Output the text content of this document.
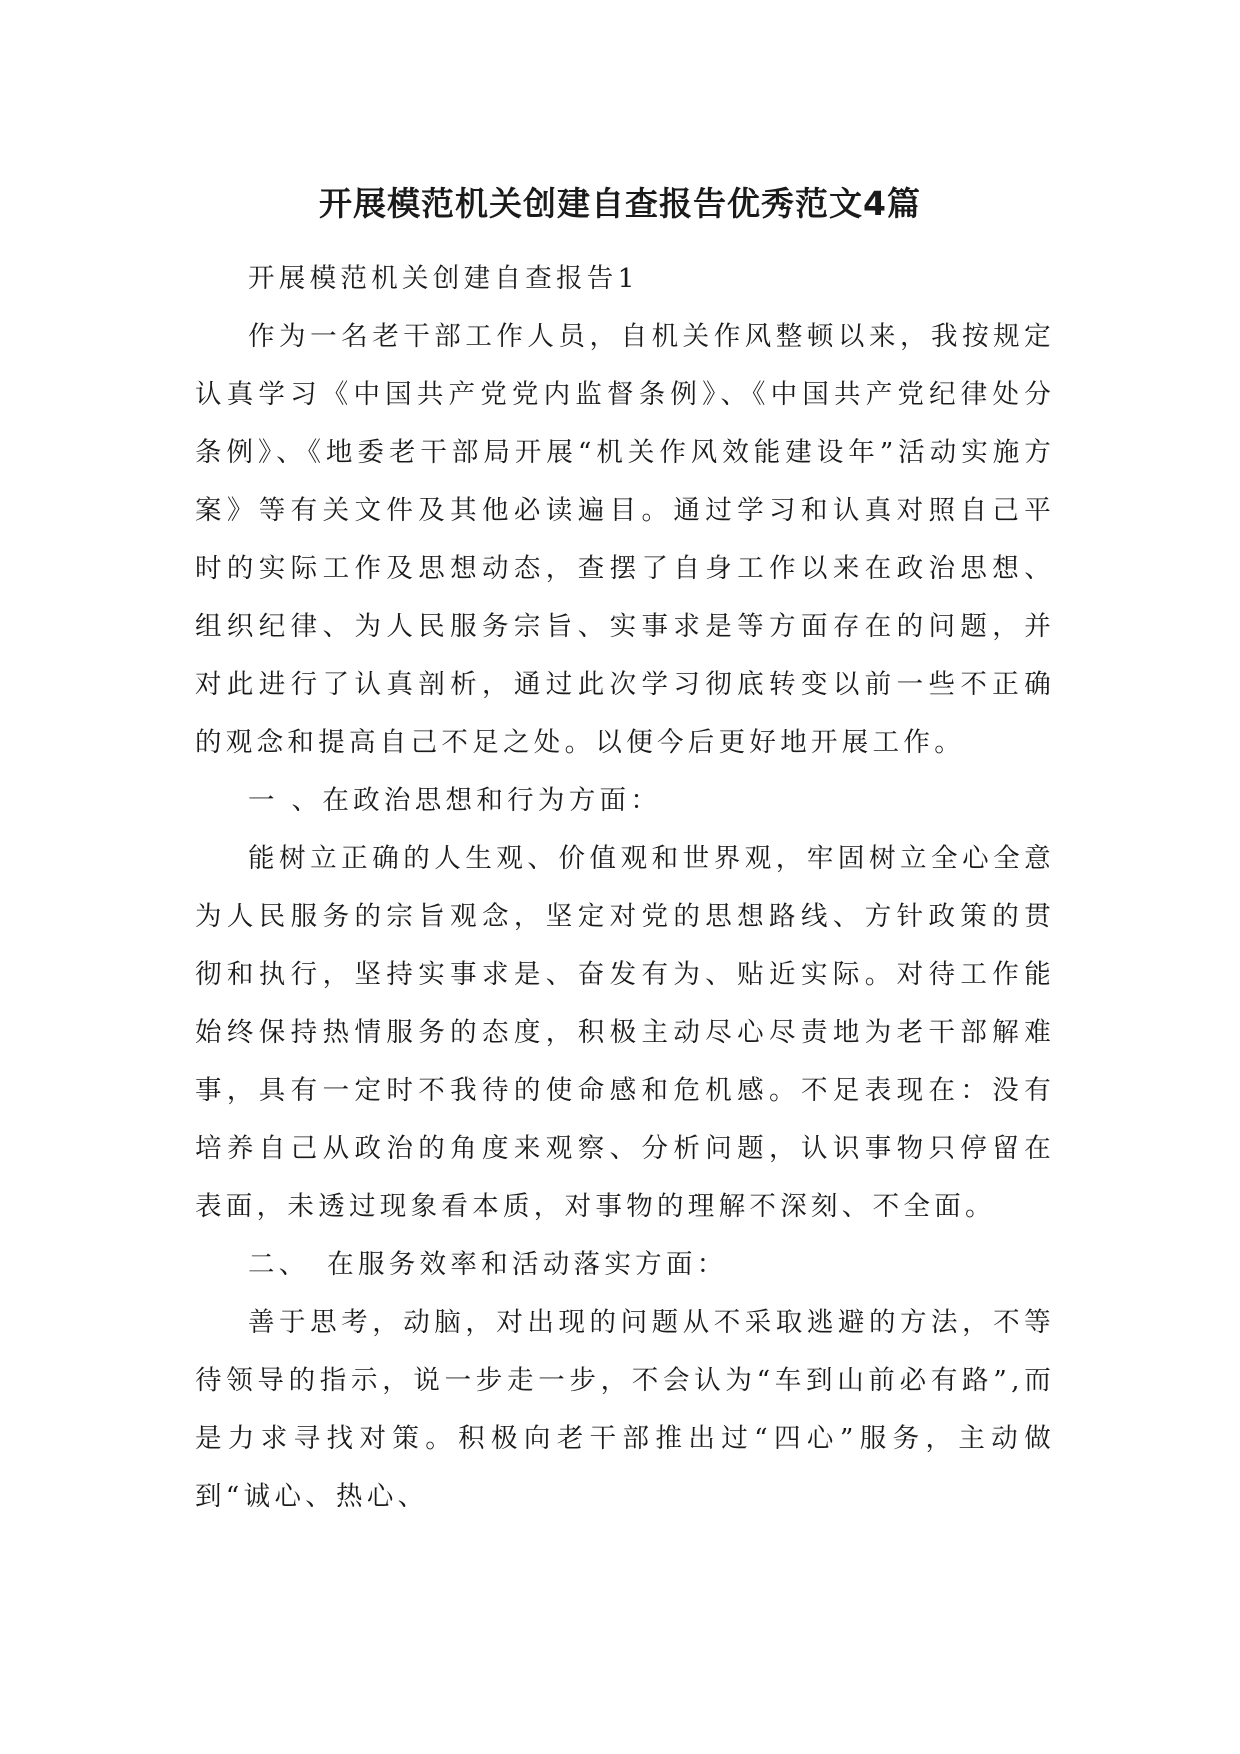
开展模范机关创建自查报告优秀范文4篇

开展模范机关创建自查报告1

作为一名老干部工作人员，自机关作风整顿以来，我按规定认真学习《中国共产党党内监督条例》、《中国共产党纪律处分条例》、《地委老干部局开展“机关作风效能建设年”活动实施方案》等有关文件及其他必读遍目。通过学习和认真对照自己平时的实际工作及思想动态，查摆了自身工作以来在政治思想、组织纪律、为人民服务宗旨、实事求是等方面存在的问题，并对此进行了认真剖析，通过此次学习彻底转变以前一些不正确的观念和提高自己不足之处。以便今后更好地开展工作。

一 、在政治思想和行为方面：

能树立正确的人生观、价值观和世界观，牢固树立全心全意为人民服务的宗旨观念，坚定对党的思想路线、方针政策的贯彻和执行，坚持实事求是、奋发有为、贴近实际。对待工作能始终保持热情服务的态度，积极主动尽心尽责地为老干部解难事，具有一定时不我待的使命感和危机感。不足表现在：没有培养自己从政治的角度来观察、分析问题，认识事物只停留在表面，未透过现象看本质，对事物的理解不深刻、不全面。

二、　在服务效率和活动落实方面：

善于思考，动脑，对出现的问题从不采取逃避的方法，不等待领导的指示，说一步走一步，不会认为“车到山前必有路”,而是力求寻找对策。积极向老干部推出过“四心”服务，主动做到“诚心、热心、
